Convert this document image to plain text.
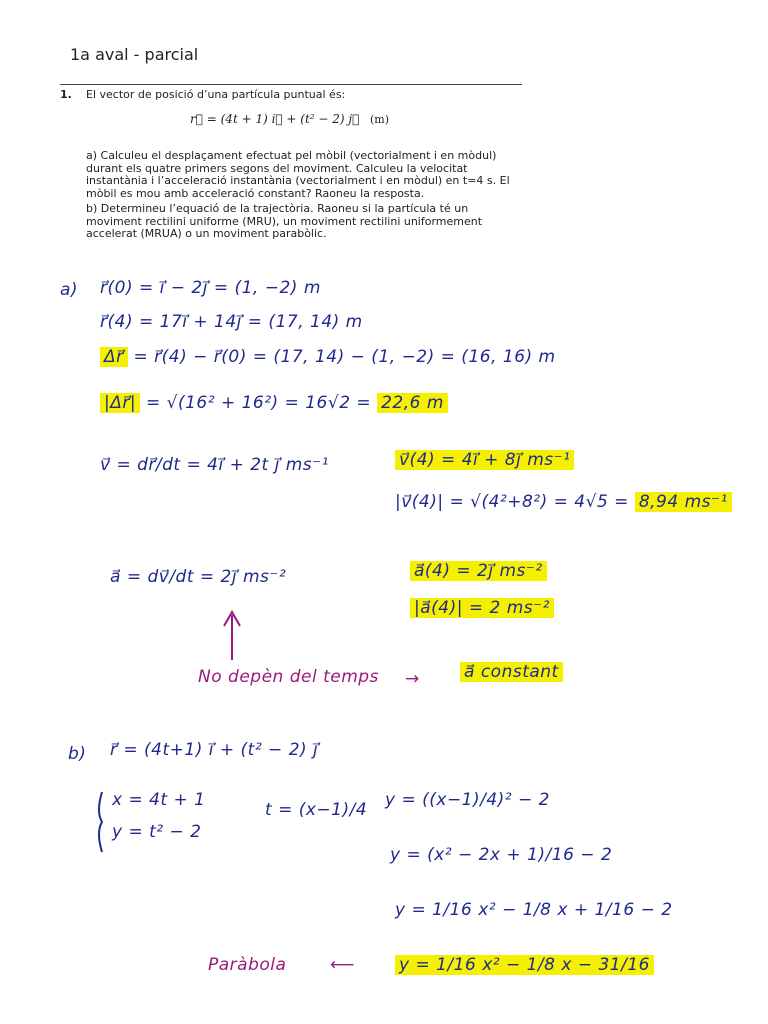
1a aval - parcial
1. El vector de posició d’una partícula puntual és:
r⃗ = (4t + 1) i⃗ + (t² − 2) j⃗ (m)
a) Calculeu el desplaçament efectuat pel mòbil (vectorialment i en mòdul) durant els quatre primers segons del moviment. Calculeu la velocitat instantània i l’acceleració instantània (vectorialment i en mòdul) en t=4 s. El mòbil es mou amb acceleració constant? Raoneu la resposta.
b) Determineu l’equació de la trajectòria. Raoneu si la partícula té un moviment rectilini uniforme (MRU), un moviment rectilini uniformement accelerat (MRUA) o un moviment parabòlic.
a) r⃗(0) = i⃗ − 2j⃗ = (1, −2) m
r⃗(4) = 17i⃗ + 14j⃗ = (17, 14) m
Δr⃗ = r⃗(4) − r⃗(0) = (17, 14) − (1, −2) = (16, 16) m
|Δr⃗| = √(16² + 16²) = 16√2 = 22,6 m
v⃗ = dr⃗/dt = 4i⃗ + 2t j⃗ ms⁻¹	v⃗(4) = 4i⃗ + 8j⃗ ms⁻¹
|v⃗(4)| = √(4²+8²) = 4√5 = 8,94 ms⁻¹
a⃗ = dv⃗/dt = 2j⃗ ms⁻²	a⃗(4) = 2j⃗ ms⁻²
|a⃗(4)| = 2 ms⁻²
No depèn del temps →	a⃗ constant
b) r⃗ = (4t+1) i⃗ + (t² − 2) j⃗
x = 4t + 1
y = t² − 2
t = (x−1)/4 y = ((x−1)/4)² − 2
y = (x² − 2x + 1)/16 − 2
y = 1/16 x² − 1/8 x + 1/16 − 2
Paràbola	⟵	y = 1/16 x² − 1/8 x − 31/16
